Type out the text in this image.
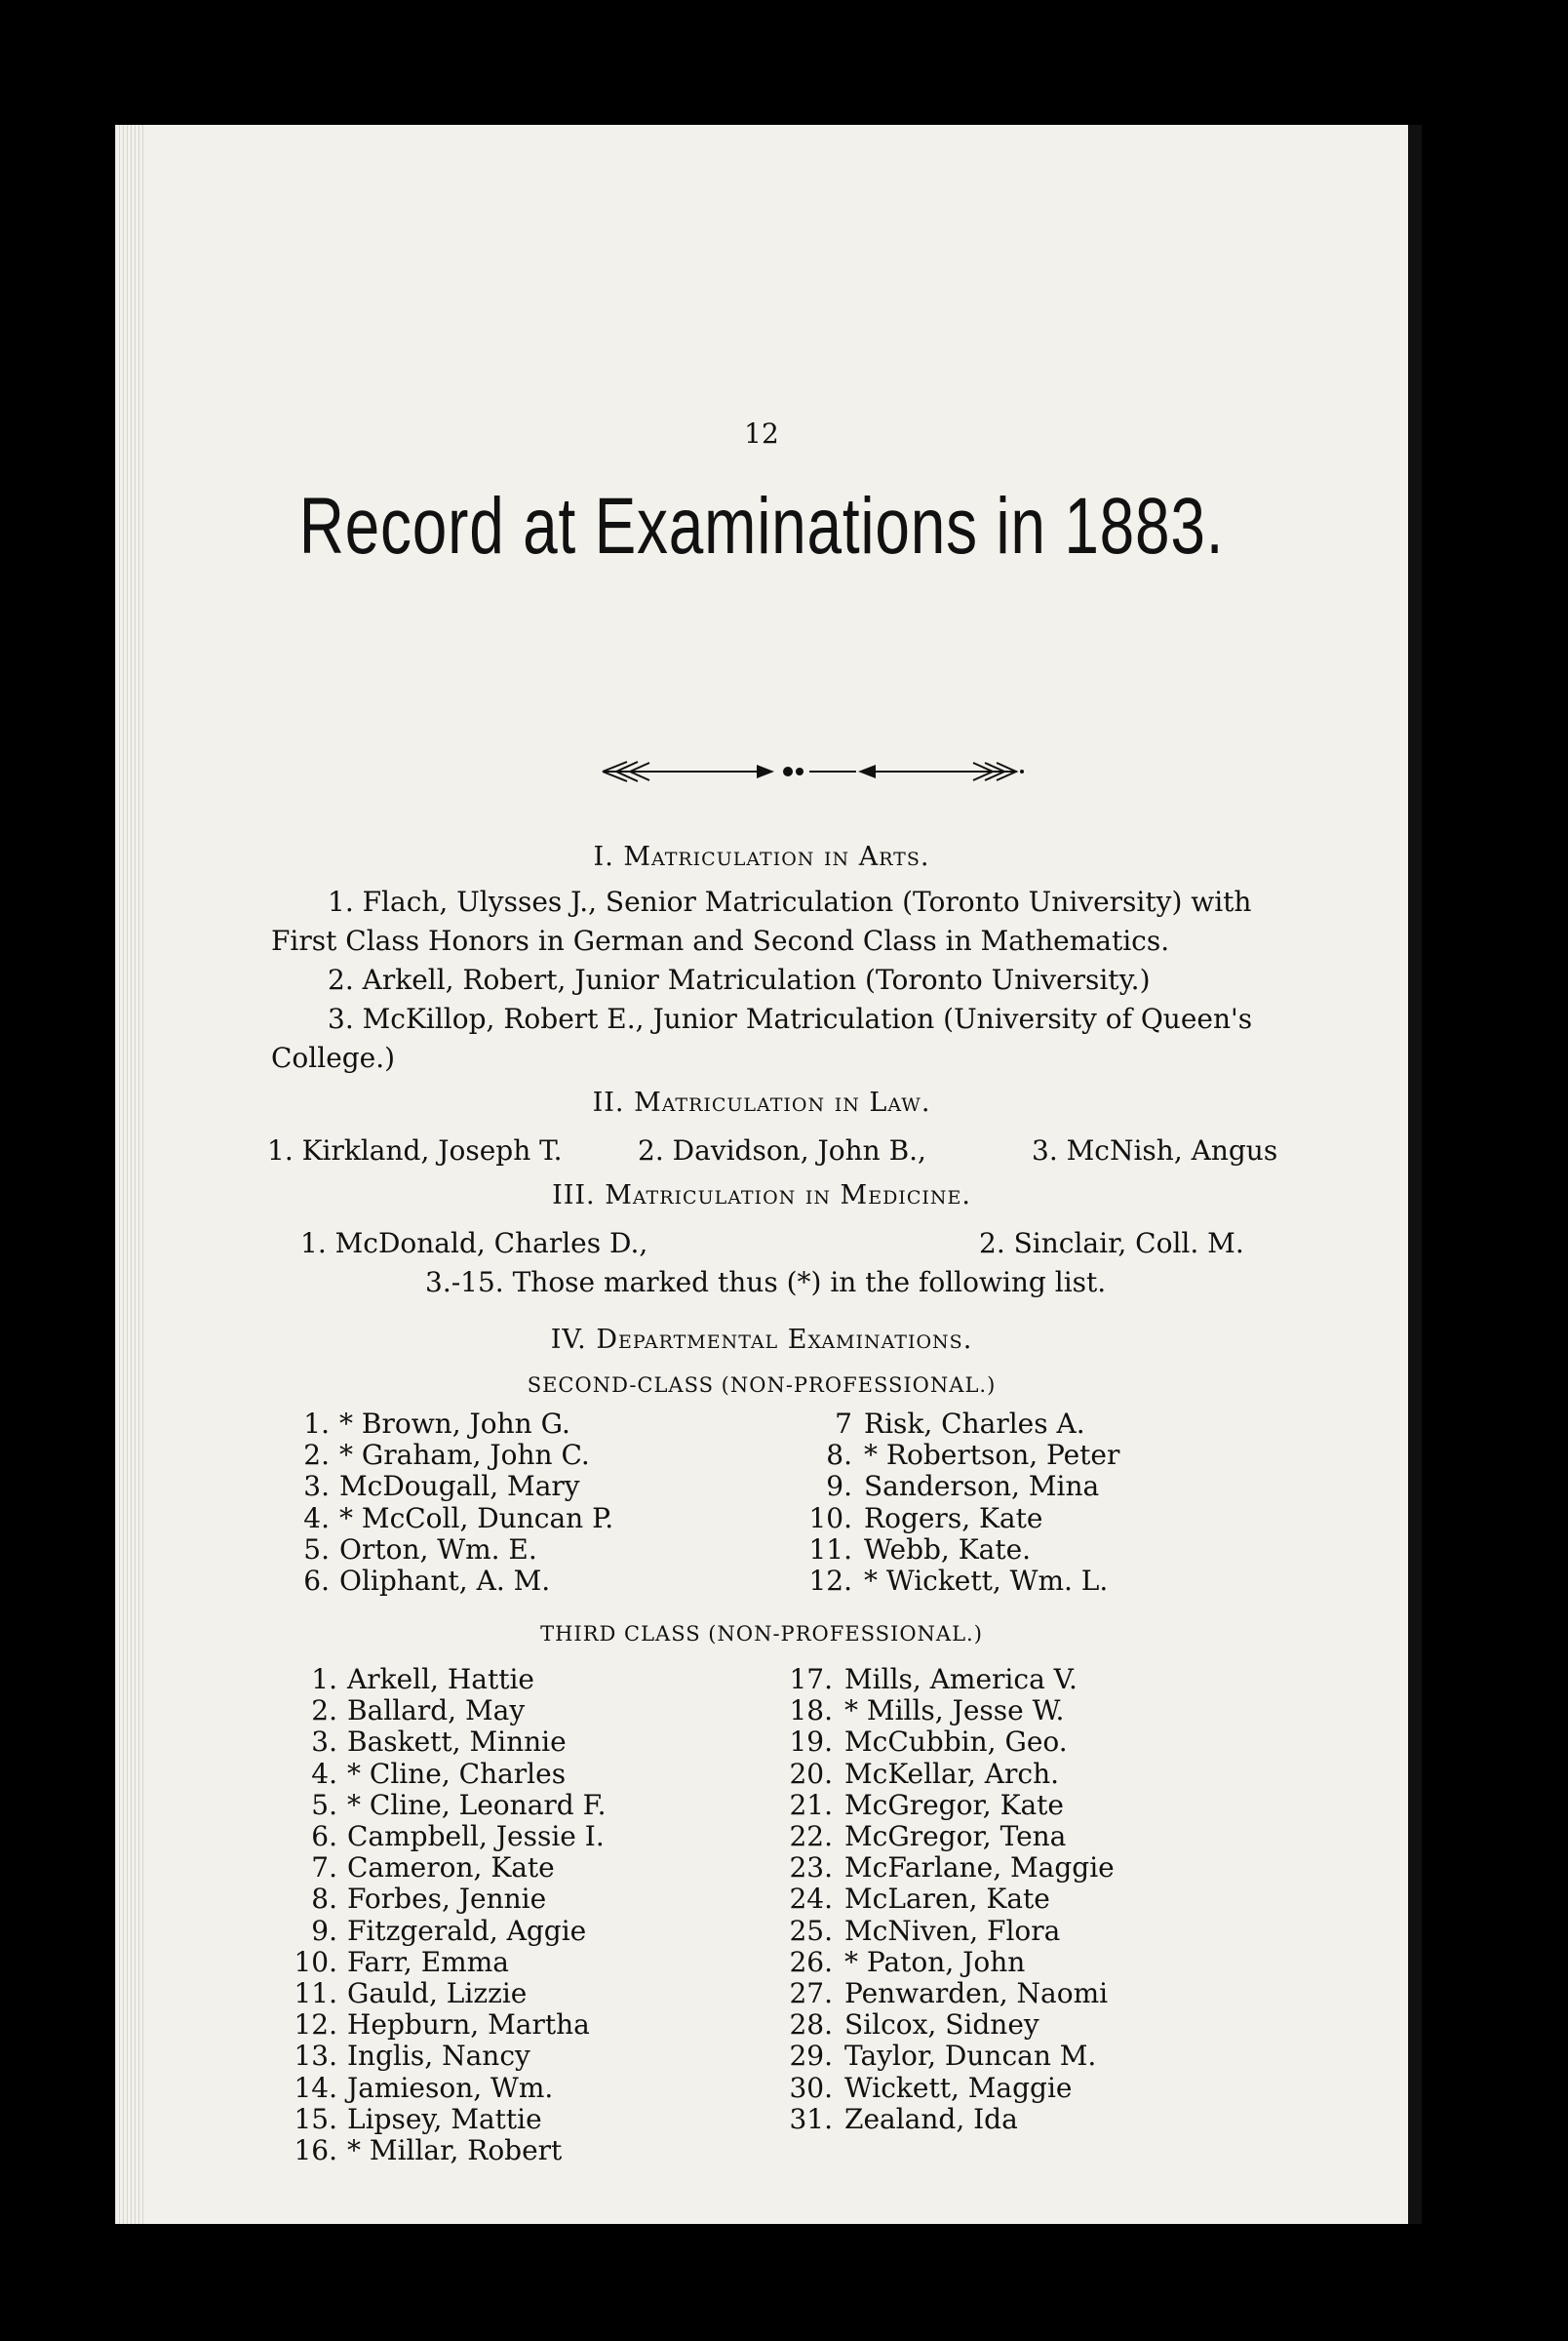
12
Record at Examinations in 1883.
I. Matriculation in Arts.
1. Flach, Ulysses J., Senior Matriculation (Toronto University) with
First Class Honors in German and Second Class in Mathematics.
2. Arkell, Robert, Junior Matriculation (Toronto University.)
3. McKillop, Robert E., Junior Matriculation (University of Queen's
College.)
II. Matriculation in Law.
1. Kirkland, Joseph T.	2. Davidson, John B.,	3. McNish, Angus
III. Matriculation in Medicine.
1. McDonald, Charles D.,	2. Sinclair, Coll. M.
3.-15. Those marked thus (*) in the following list.
IV. Departmental Examinations.
SECOND-CLASS (NON-PROFESSIONAL.)
1. * Brown, John G.
2. * Graham, John C.
3. McDougall, Mary
4. * McColl, Duncan P.
5. Orton, Wm. E.
6. Oliphant, A. M.
7 Risk, Charles A.
8. * Robertson, Peter
9. Sanderson, Mina
10. Rogers, Kate
11. Webb, Kate.
12. * Wickett, Wm. L.
THIRD CLASS (NON-PROFESSIONAL.)
1. Arkell, Hattie
2. Ballard, May
3. Baskett, Minnie
4. * Cline, Charles
5. * Cline, Leonard F.
6. Campbell, Jessie I.
7. Cameron, Kate
8. Forbes, Jennie
9. Fitzgerald, Aggie
10. Farr, Emma
11. Gauld, Lizzie
12. Hepburn, Martha
13. Inglis, Nancy
14. Jamieson, Wm.
15. Lipsey, Mattie
16. * Millar, Robert
17. Mills, America V.
18. * Mills, Jesse W.
19. McCubbin, Geo.
20. McKellar, Arch.
21. McGregor, Kate
22. McGregor, Tena
23. McFarlane, Maggie
24. McLaren, Kate
25. McNiven, Flora
26. * Paton, John
27. Penwarden, Naomi
28. Silcox, Sidney
29. Taylor, Duncan M.
30. Wickett, Maggie
31. Zealand, Ida
